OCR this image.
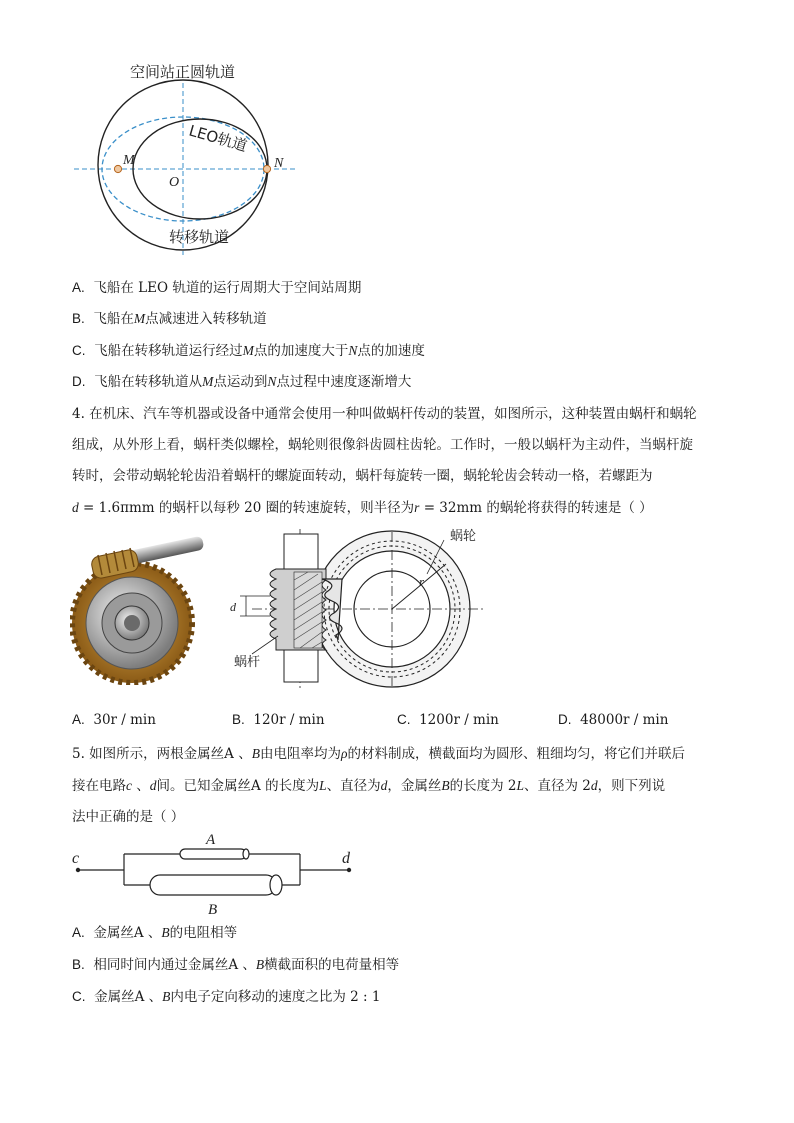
空间站正圆轨道
M	N
O
LEO轨道
转移轨道
A. 飞船在 LEO 轨道的运行周期大于空间站周期
B. 飞船在M点减速进入转移轨道
C. 飞船在转移轨道运行经过M点的加速度大于N点的加速度
D. 飞船在转移轨道从M点运动到N点过程中速度逐渐增大
4. 在机床、汽车等机器或设备中通常会使用一种叫做蜗杆传动的装置，如图所示，这种装置由蜗杆和蜗轮
组成，从外形上看，蜗杆类似螺栓，蜗轮则很像斜齿圆柱齿轮。工作时，一般以蜗杆为主动件，当蜗杆旋
转时，会带动蜗轮轮齿沿着蜗杆的螺旋面转动，蜗杆每旋转一圈，蜗轮轮齿会转动一格，若螺距为
d = 1.6πmm 的蜗杆以每秒 20 圈的转速旋转，则半径为r = 32mm 的蜗轮将获得的转速是（ ）
r
d
蜗轮
蜗杆
A. 30r / min	B. 120r / min	C. 1200r / min	D. 48000r / min
5. 如图所示，两根金属丝A 、B由电阻率均为ρ的材料制成，横截面均为圆形、粗细均匀，将它们并联后
接在电路c 、d间。已知金属丝A 的长度为L、直径为d，金属丝B的长度为 2L、直径为 2d，则下列说
法中正确的是（ ）
c	d
A
B
A. 金属丝A 、B的电阻相等
B. 相同时间内通过金属丝A 、B横截面积的电荷量相等
C. 金属丝A 、B内电子定向移动的速度之比为 2 : 1
